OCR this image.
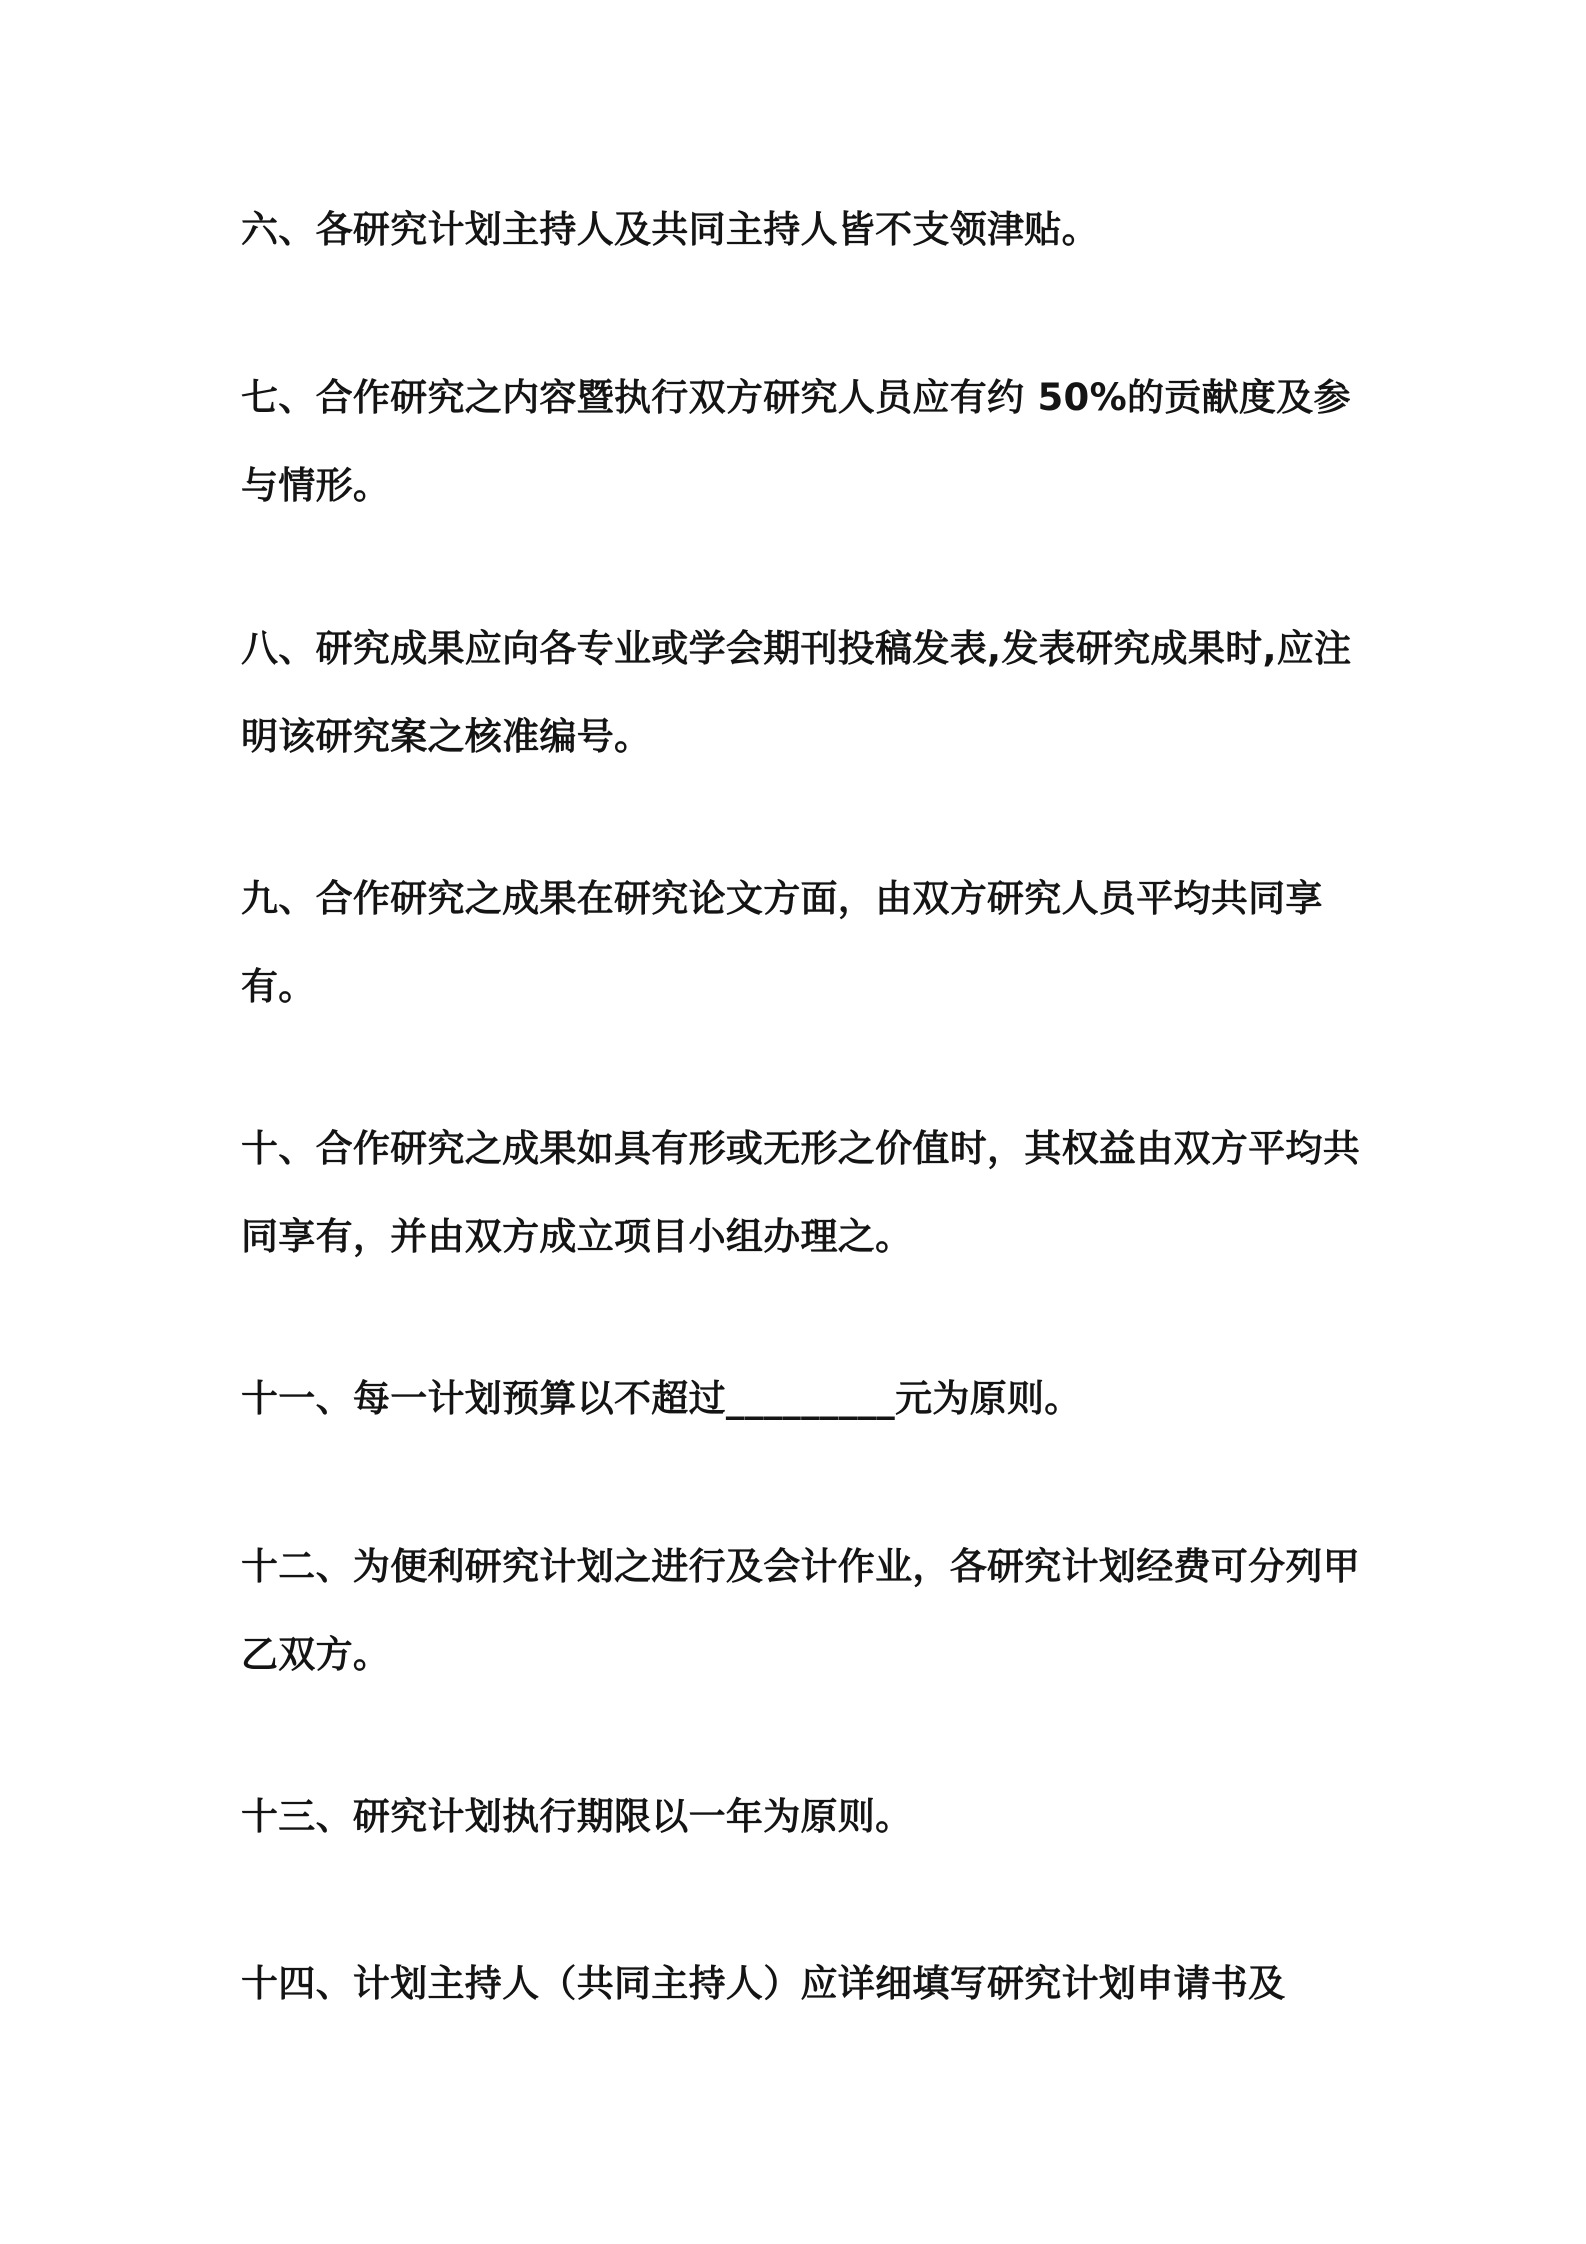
六、各研究计划主持人及共同主持人皆不支领津贴。

七、合作研究之内容暨执行双方研究人员应有约 50%的贡献度及参与情形。

八、研究成果应向各专业或学会期刊投稿发表,发表研究成果时,应注明该研究案之核准编号。

九、合作研究之成果在研究论文方面，由双方研究人员平均共同享有。

十、合作研究之成果如具有形或无形之价值时，其权益由双方平均共同享有，并由双方成立项目小组办理之。

十一、每一计划预算以不超过_________元为原则。

十二、为便利研究计划之进行及会计作业，各研究计划经费可分列甲乙双方。

十三、研究计划执行期限以一年为原则。

十四、计划主持人（共同主持人）应详细填写研究计划申请书及
